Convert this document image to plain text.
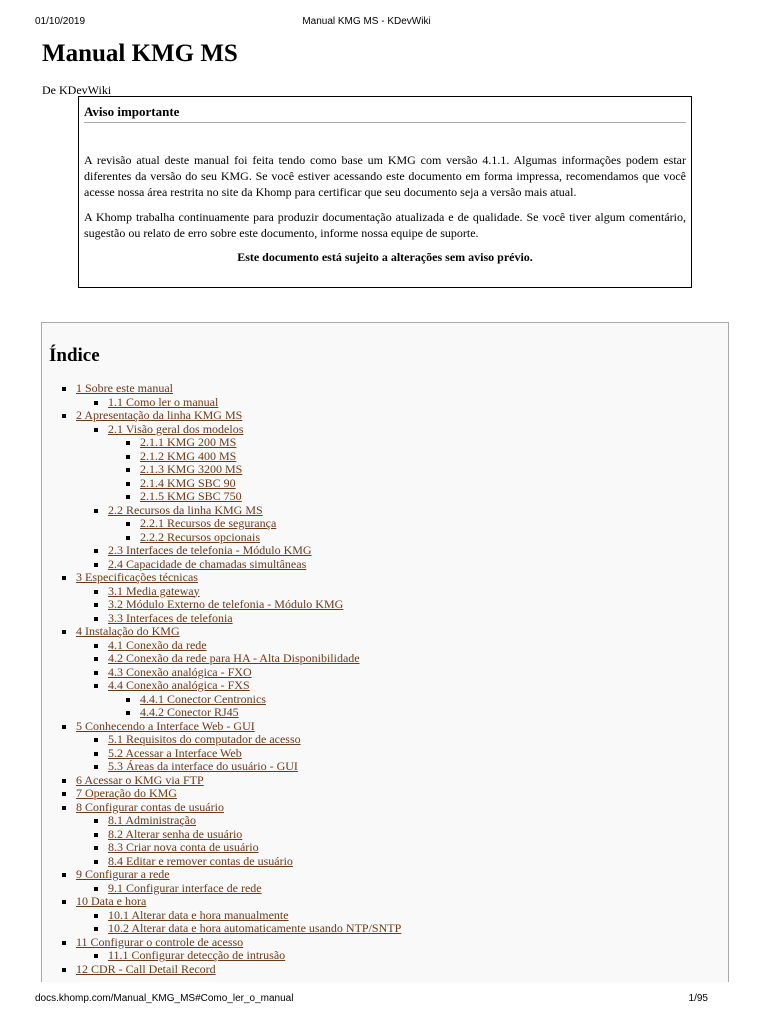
01/10/2019	Manual KMG MS - KDevWiki
Manual KMG MS
De KDevWiki
Aviso importante

A revisão atual deste manual foi feita tendo como base um KMG com versão 4.1.1. Algumas informações podem estar diferentes da versão do seu KMG. Se você estiver acessando este documento em forma impressa, recomendamos que você acesse nossa área restrita no site da Khomp para certificar que seu documento seja a versão mais atual.

A Khomp trabalha continuamente para produzir documentação atualizada e de qualidade. Se você tiver algum comentário, sugestão ou relato de erro sobre este documento, informe nossa equipe de suporte.

Este documento está sujeito a alterações sem aviso prévio.

Índice
1 Sobre este manual
1.1 Como ler o manual
2 Apresentação da linha KMG MS
2.1 Visão geral dos modelos
2.1.1 KMG 200 MS
2.1.2 KMG 400 MS
2.1.3 KMG 3200 MS
2.1.4 KMG SBC 90
2.1.5 KMG SBC 750
2.2 Recursos da linha KMG MS
2.2.1 Recursos de segurança
2.2.2 Recursos opcionais
2.3 Interfaces de telefonia - Módulo KMG
2.4 Capacidade de chamadas simultâneas
3 Especificações técnicas
3.1 Media gateway
3.2 Módulo Externo de telefonia - Módulo KMG
3.3 Interfaces de telefonia
4 Instalação do KMG
4.1 Conexão da rede
4.2 Conexão da rede para HA - Alta Disponibilidade
4.3 Conexão analógica - FXO
4.4 Conexão analógica - FXS
4.4.1 Conector Centronics
4.4.2 Conector RJ45
5 Conhecendo a Interface Web - GUI
5.1 Requisitos do computador de acesso
5.2 Acessar a Interface Web
5.3 Áreas da interface do usuário - GUI
6 Acessar o KMG via FTP
7 Operação do KMG
8 Configurar contas de usuário
8.1 Administração
8.2 Alterar senha de usuário
8.3 Criar nova conta de usuário
8.4 Editar e remover contas de usuário
9 Configurar a rede
9.1 Configurar interface de rede
10 Data e hora
10.1 Alterar data e hora manualmente
10.2 Alterar data e hora automaticamente usando NTP/SNTP
11 Configurar o controle de acesso
11.1 Configurar detecção de intrusão
12 CDR - Call Detail Record
docs.khomp.com/Manual_KMG_MS#Como_ler_o_manual	1/95
